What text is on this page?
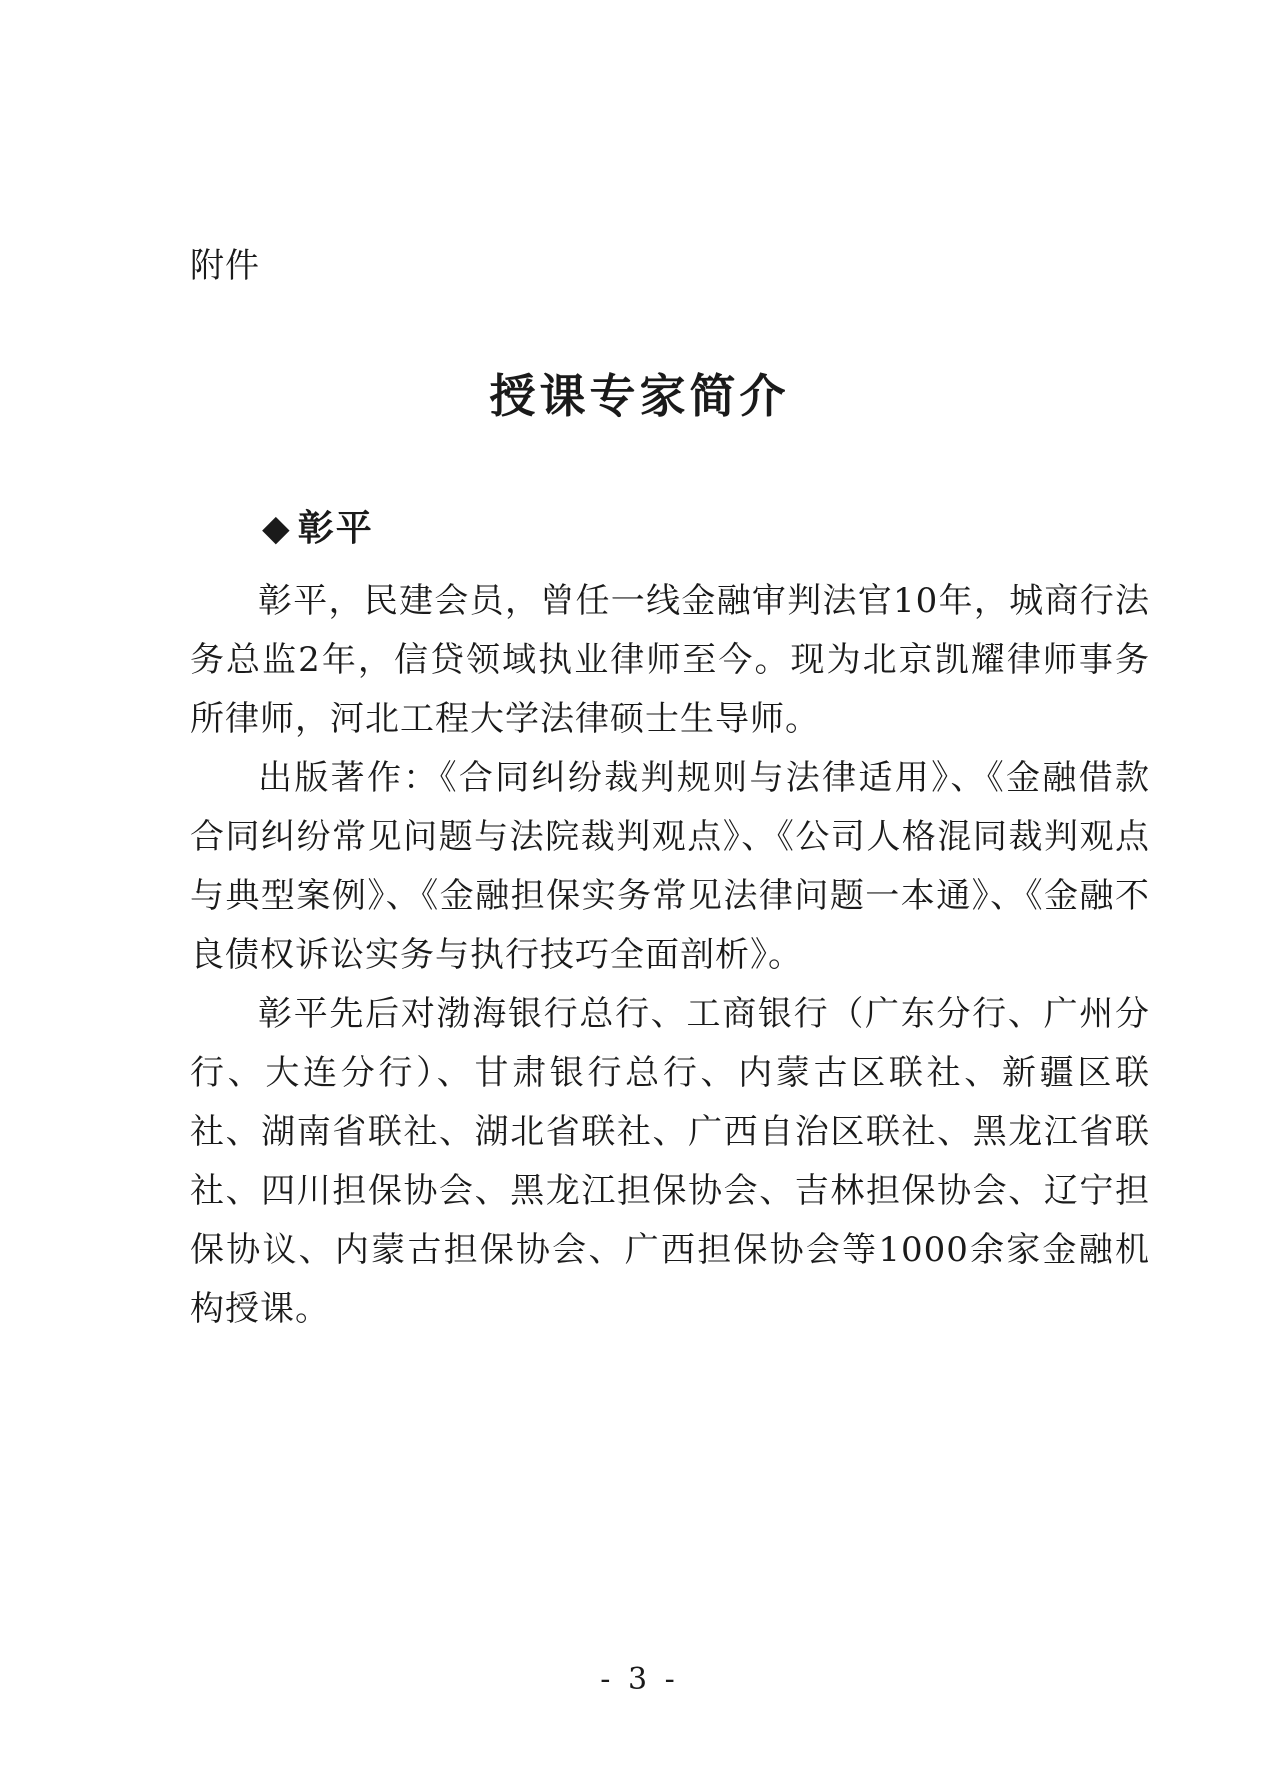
附件
授课专家简介
◆ 彰平

彰平，民建会员，曾任一线金融审判法官10年，城商行法务总监2年，信贷领域执业律师至今。现为北京凯耀律师事务所律师，河北工程大学法律硕士生导师。

出版著作：《合同纠纷裁判规则与法律适用》、《金融借款合同纠纷常见问题与法院裁判观点》、《公司人格混同裁判观点与典型案例》、《金融担保实务常见法律问题一本通》、《金融不良债权诉讼实务与执行技巧全面剖析》。

彰平先后对渤海银行总行、工商银行（广东分行、广州分行、大连分行）、甘肃银行总行、内蒙古区联社、新疆区联社、湖南省联社、湖北省联社、广西自治区联社、黑龙江省联社、四川担保协会、黑龙江担保协会、吉林担保协会、辽宁担保协议、内蒙古担保协会、广西担保协会等1000余家金融机构授课。

- 3 -
